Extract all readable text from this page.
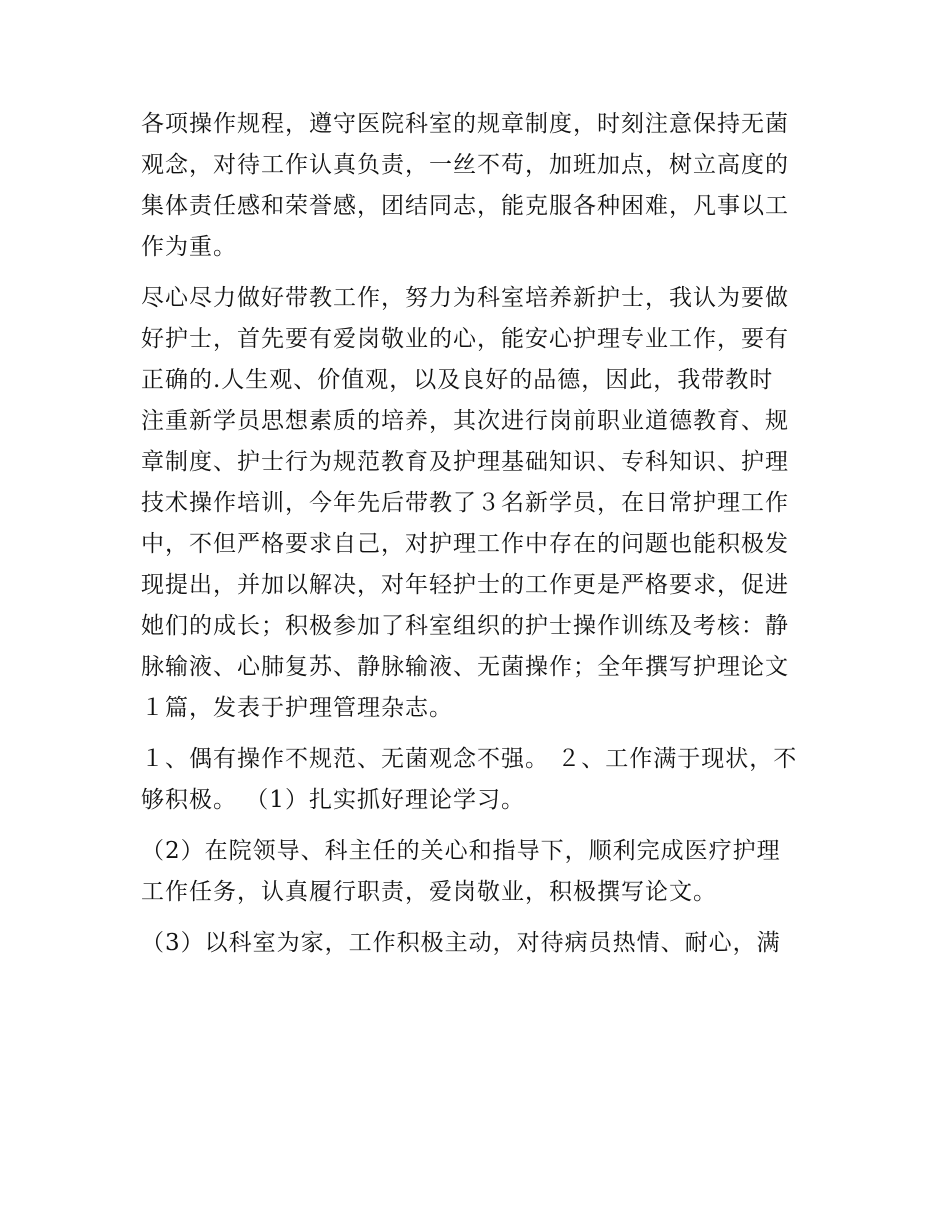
各项操作规程，遵守医院科室的规章制度，时刻注意保持无菌

观念，对待工作认真负责，一丝不苟，加班加点，树立高度的

集体责任感和荣誉感，团结同志，能克服各种困难，凡事以工

作为重。

尽心尽力做好带教工作，努力为科室培养新护士，我认为要做

好护士，首先要有爱岗敬业的心，能安心护理专业工作，要有

正确的.人生观、价值观，以及良好的品德，因此，我带教时

注重新学员思想素质的培养，其次进行岗前职业道德教育、规

章制度、护士行为规范教育及护理基础知识、专科知识、护理

技术操作培训，今年先后带教了３名新学员，在日常护理工作

中，不但严格要求自己，对护理工作中存在的问题也能积极发

现提出，并加以解决，对年轻护士的工作更是严格要求，促进

她们的成长；积极参加了科室组织的护士操作训练及考核：静

脉输液、心肺复苏、静脉输液、无菌操作；全年撰写护理论文

１篇，发表于护理管理杂志。

１、偶有操作不规范、无菌观念不强。 ２、工作满于现状，不

够积极。 （1）扎实抓好理论学习。

（2）在院领导、科主任的关心和指导下，顺利完成医疗护理

工作任务，认真履行职责，爱岗敬业，积极撰写论文。

（3）以科室为家，工作积极主动，对待病员热情、耐心，满
